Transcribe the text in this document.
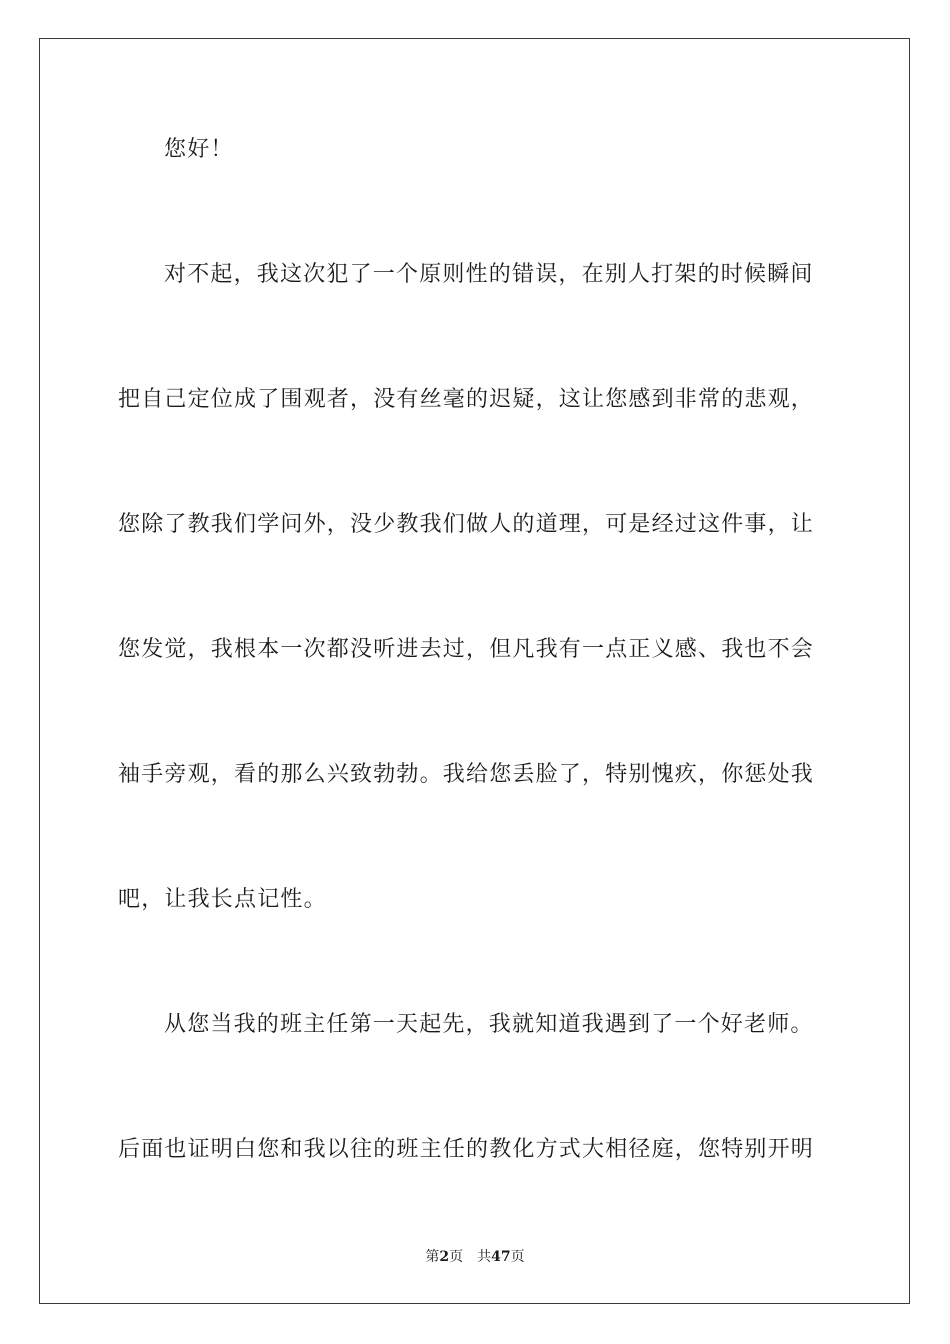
您好！
对不起，我这次犯了一个原则性的错误，在别人打架的时候瞬间
把自己定位成了围观者，没有丝毫的迟疑，这让您感到非常的悲观，
您除了教我们学问外，没少教我们做人的道理，可是经过这件事，让
您发觉，我根本一次都没听进去过，但凡我有一点正义感、我也不会
袖手旁观，看的那么兴致勃勃。我给您丢脸了，特别愧疚，你惩处我
吧，让我长点记性。
从您当我的班主任第一天起先，我就知道我遇到了一个好老师。
后面也证明白您和我以往的班主任的教化方式大相径庭，您特别开明
第2页 共47页
